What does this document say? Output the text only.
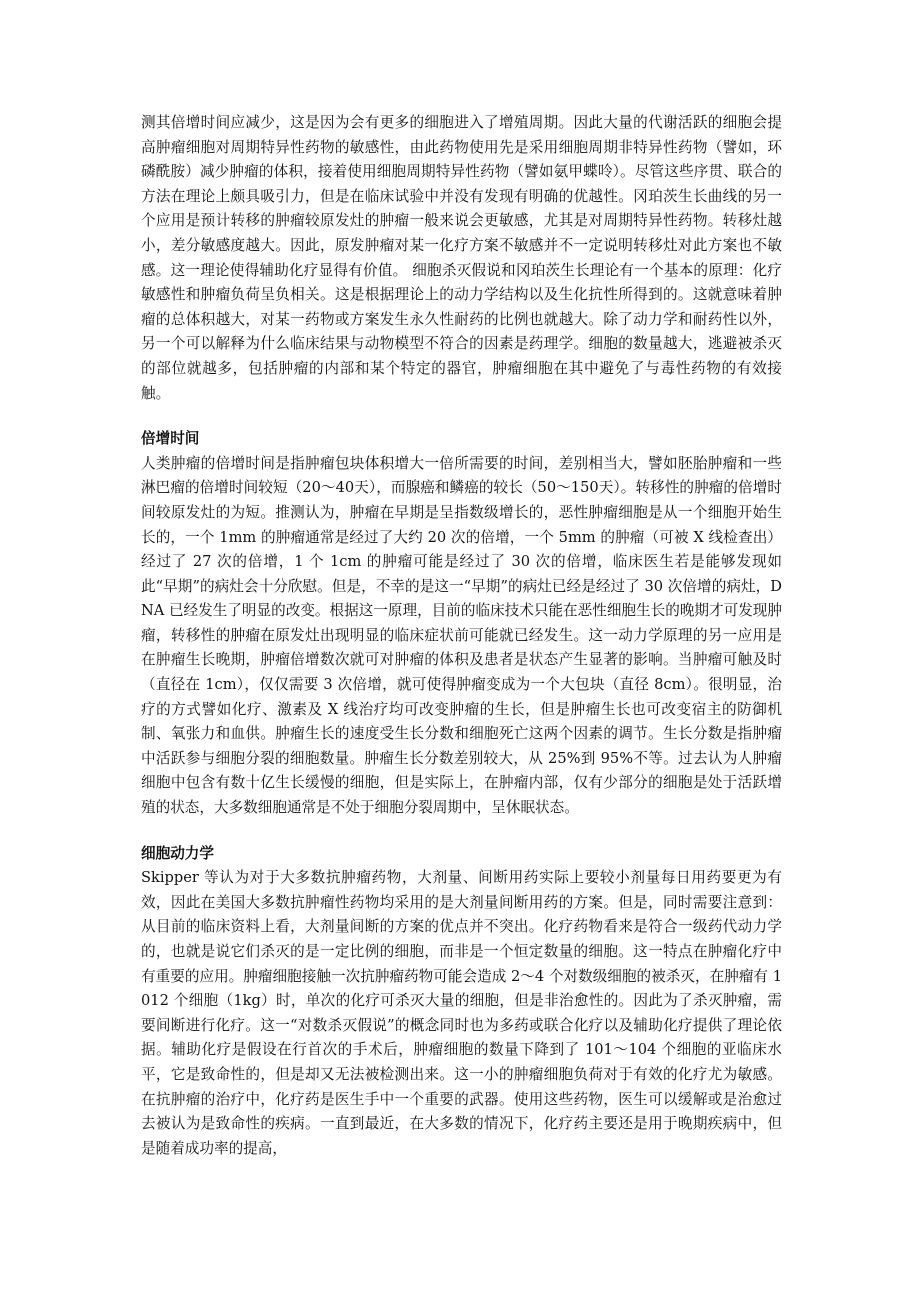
测其倍增时间应减少，这是因为会有更多的细胞进入了增殖周期。因此大量的代谢活跃的细胞会提高肿瘤细胞对周期特异性药物的敏感性，由此药物使用先是采用细胞周期非特异性药物（譬如，环磷酰胺）减少肿瘤的体积，接着使用细胞周期特异性药物（譬如氨甲蝶呤）。尽管这些序贯、联合的方法在理论上颇具吸引力，但是在临床试验中并没有发现有明确的优越性。冈珀茨生长曲线的另一个应用是预计转移的肿瘤较原发灶的肿瘤一般来说会更敏感，尤其是对周期特异性药物。转移灶越小，差分敏感度越大。因此，原发肿瘤对某一化疗方案不敏感并不一定说明转移灶对此方案也不敏感。这一理论使得辅助化疗显得有价值。 细胞杀灭假说和冈珀茨生长理论有一个基本的原理：化疗敏感性和肿瘤负荷呈负相关。这是根据理论上的动力学结构以及生化抗性所得到的。这就意味着肿瘤的总体积越大，对某一药物或方案发生永久性耐药的比例也就越大。除了动力学和耐药性以外，另一个可以解释为什么临床结果与动物模型不符合的因素是药理学。细胞的数量越大，逃避被杀灭的部位就越多，包括肿瘤的内部和某个特定的器官，肿瘤细胞在其中避免了与毒性药物的有效接触。

倍增时间

人类肿瘤的倍增时间是指肿瘤包块体积增大一倍所需要的时间，差别相当大，譬如胚胎肿瘤和一些淋巴瘤的倍增时间较短（20～40天），而腺癌和鳞癌的较长（50～150天）。转移性的肿瘤的倍增时间较原发灶的为短。推测认为，肿瘤在早期是呈指数级增长的，恶性肿瘤细胞是从一个细胞开始生长的，一个 1mm 的肿瘤通常是经过了大约 20 次的倍增，一个 5mm 的肿瘤（可被 X 线检查出）经过了 27 次的倍增，1 个 1cm 的肿瘤可能是经过了 30 次的倍增，临床医生若是能够发现如此“早期”的病灶会十分欣慰。但是，不幸的是这一“早期”的病灶已经是经过了 30 次倍增的病灶，DNA 已经发生了明显的改变。根据这一原理，目前的临床技术只能在恶性细胞生长的晚期才可发现肿瘤，转移性的肿瘤在原发灶出现明显的临床症状前可能就已经发生。这一动力学原理的另一应用是在肿瘤生长晚期，肿瘤倍增数次就可对肿瘤的体积及患者是状态产生显著的影响。当肿瘤可触及时（直径在 1cm），仅仅需要 3 次倍增，就可使得肿瘤变成为一个大包块（直径 8cm）。很明显，治疗的方式譬如化疗、激素及 X 线治疗均可改变肿瘤的生长，但是肿瘤生长也可改变宿主的防御机制、氧张力和血供。肿瘤生长的速度受生长分数和细胞死亡这两个因素的调节。生长分数是指肿瘤中活跃参与细胞分裂的细胞数量。肿瘤生长分数差别较大，从 25%到 95%不等。过去认为人肿瘤细胞中包含有数十亿生长缓慢的细胞，但是实际上，在肿瘤内部，仅有少部分的细胞是处于活跃增殖的状态，大多数细胞通常是不处于细胞分裂周期中，呈休眠状态。

细胞动力学

Skipper 等认为对于大多数抗肿瘤药物，大剂量、间断用药实际上要较小剂量每日用药要更为有效，因此在美国大多数抗肿瘤性药物均采用的是大剂量间断用药的方案。但是，同时需要注意到：从目前的临床资料上看，大剂量间断的方案的优点并不突出。化疗药物看来是符合一级药代动力学的，也就是说它们杀灭的是一定比例的细胞，而非是一个恒定数量的细胞。这一特点在肿瘤化疗中有重要的应用。肿瘤细胞接触一次抗肿瘤药物可能会造成 2～4 个对数级细胞的被杀灭，在肿瘤有 1012 个细胞（1kg）时，单次的化疗可杀灭大量的细胞，但是非治愈性的。因此为了杀灭肿瘤，需要间断进行化疗。这一“对数杀灭假说”的概念同时也为多药或联合化疗以及辅助化疗提供了理论依据。辅助化疗是假设在行首次的手术后，肿瘤细胞的数量下降到了 101～104 个细胞的亚临床水平，它是致命性的，但是却又无法被检测出来。这一小的肿瘤细胞负荷对于有效的化疗尤为敏感。 在抗肿瘤的治疗中，化疗药是医生手中一个重要的武器。使用这些药物，医生可以缓解或是治愈过去被认为是致命性的疾病。一直到最近，在大多数的情况下，化疗药主要还是用于晚期疾病中，但是随着成功率的提高，
